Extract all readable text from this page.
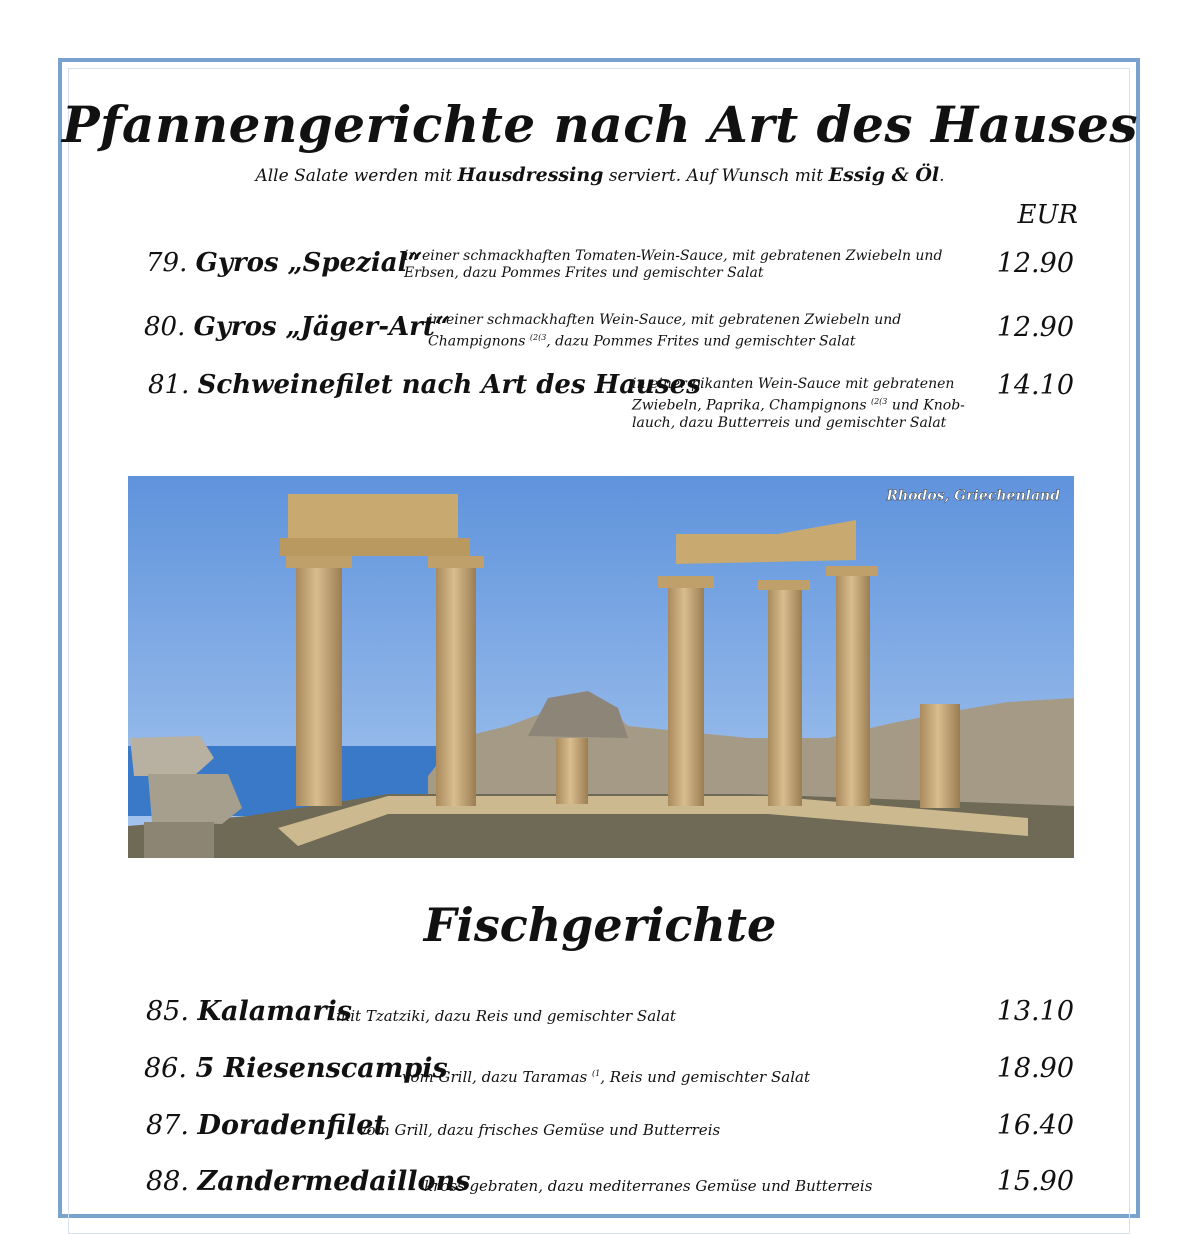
Pfannengerichte nach Art des Hauses
Alle Salate werden mit Hausdressing serviert. Auf Wunsch mit Essig & Öl.
EUR
79. Gyros „Spezial“
in einer schmackhaften Tomaten-Wein-Sauce, mit gebratenen Zwiebeln und
Erbsen, dazu Pommes Frites und gemischter Salat	12.90
80. Gyros „Jäger-Art“
in einer schmackhaften Wein-Sauce, mit gebratenen Zwiebeln und
Champignons $^{(2(3}$, dazu Pommes Frites und gemischter Salat	12.90
81. Schweinefilet nach Art des Hauses
in einer pikanten Wein-Sauce mit gebratenen
Zwiebeln, Paprika, Champignons $^{(2(3}$ und Knob-
lauch, dazu Butterreis und gemischter Salat
14.10
Rhodos, Griechenland
Fischgerichte
85. Kalamaris
mit Tzatziki, dazu Reis und gemischter Salat	13.10
86. 5 Riesenscampis
vom Grill, dazu Taramas $^{(1}$, Reis und gemischter Salat	18.90
87. Doradenfilet
vom Grill, dazu frisches Gemüse und Butterreis	16.40
88. Zandermedaillons
kross gebraten, dazu mediterranes Gemüse und Butterreis	15.90
